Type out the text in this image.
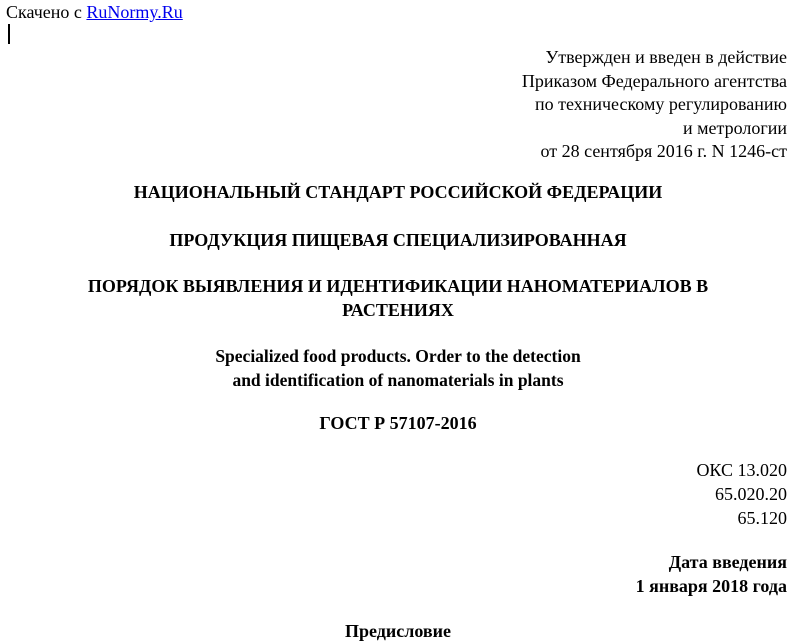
Скачено с RuNormy.Ru
Утвержден и введен в действие
Приказом Федерального агентства
по техническому регулированию
и метрологии
от 28 сентября 2016 г. N 1246-ст
НАЦИОНАЛЬНЫЙ СТАНДАРТ РОССИЙСКОЙ ФЕДЕРАЦИИ
ПРОДУКЦИЯ ПИЩЕВАЯ СПЕЦИАЛИЗИРОВАННАЯ
ПОРЯДОК ВЫЯВЛЕНИЯ И ИДЕНТИФИКАЦИИ НАНОМАТЕРИАЛОВ В
РАСТЕНИЯХ
Specialized food products. Order to the detection
and identification of nanomaterials in plants
ГОСТ Р 57107-2016
ОКС 13.020
65.020.20
65.120
Дата введения
1 января 2018 года
Предисловие
